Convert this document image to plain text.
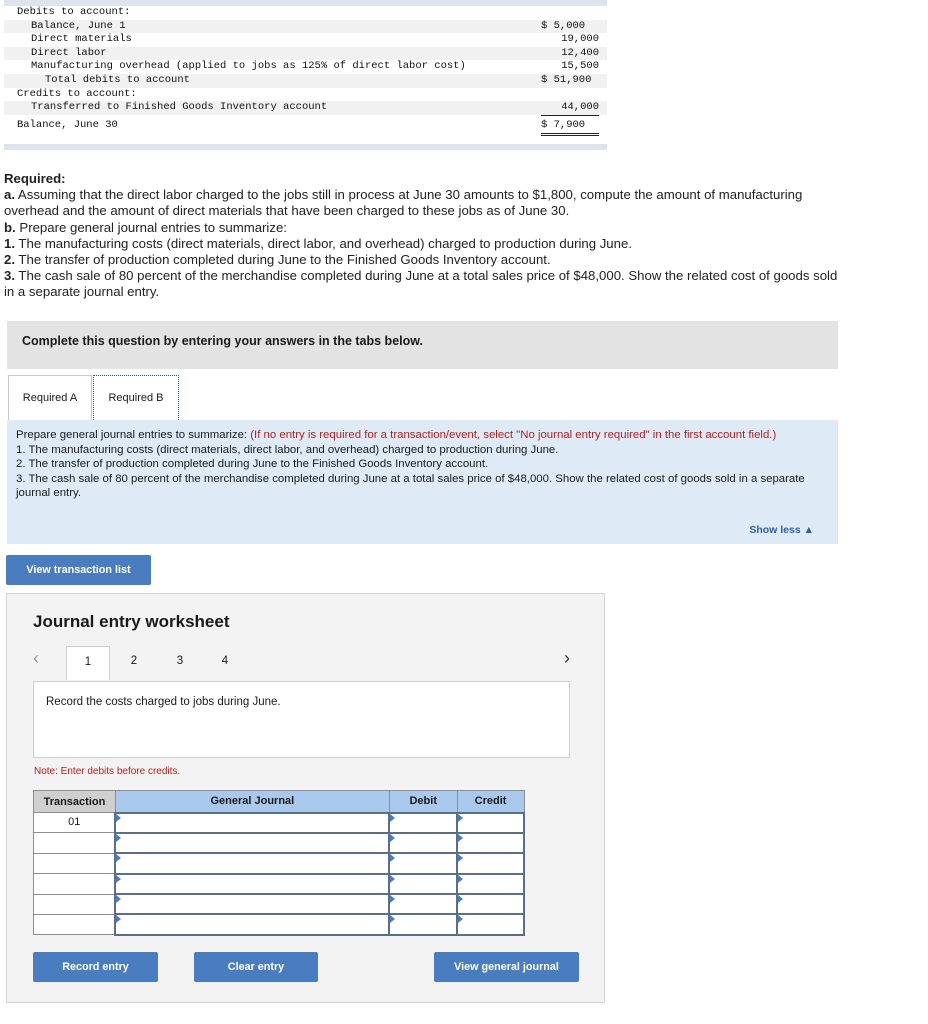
Debits to account:
Balance, June 1	$ 5,000
Direct materials	19,000
Direct labor	12,400
Manufacturing overhead (applied to jobs as 125% of direct labor cost)	15,500
Total debits to account	$ 51,900
Credits to account:
Transferred to Finished Goods Inventory account	44,000
Balance, June 30	$ 7,900
Required:
a. Assuming that the direct labor charged to the jobs still in process at June 30 amounts to $1,800, compute the amount of manufacturing overhead and the amount of direct materials that have been charged to these jobs as of June 30.
b. Prepare general journal entries to summarize:
1. The manufacturing costs (direct materials, direct labor, and overhead) charged to production during June.
2. The transfer of production completed during June to the Finished Goods Inventory account.
3. The cash sale of 80 percent of the merchandise completed during June at a total sales price of $48,000. Show the related cost of goods sold in a separate journal entry.
Complete this question by entering your answers in the tabs below.
Required A	Required B
Prepare general journal entries to summarize: (If no entry is required for a transaction/event, select "No journal entry required" in the first account field.)
1. The manufacturing costs (direct materials, direct labor, and overhead) charged to production during June.
2. The transfer of production completed during June to the Finished Goods Inventory account.
3. The cash sale of 80 percent of the merchandise completed during June at a total sales price of $48,000. Show the related cost of goods sold in a separate journal entry.
Show less ▲
View transaction list
Journal entry worksheet
‹	1	2	3	4	›
Record the costs charged to jobs during June.
Note: Enter debits before credits.
Transaction	General Journal	Debit	Credit
01			

Record entry	Clear entry	View general journal
